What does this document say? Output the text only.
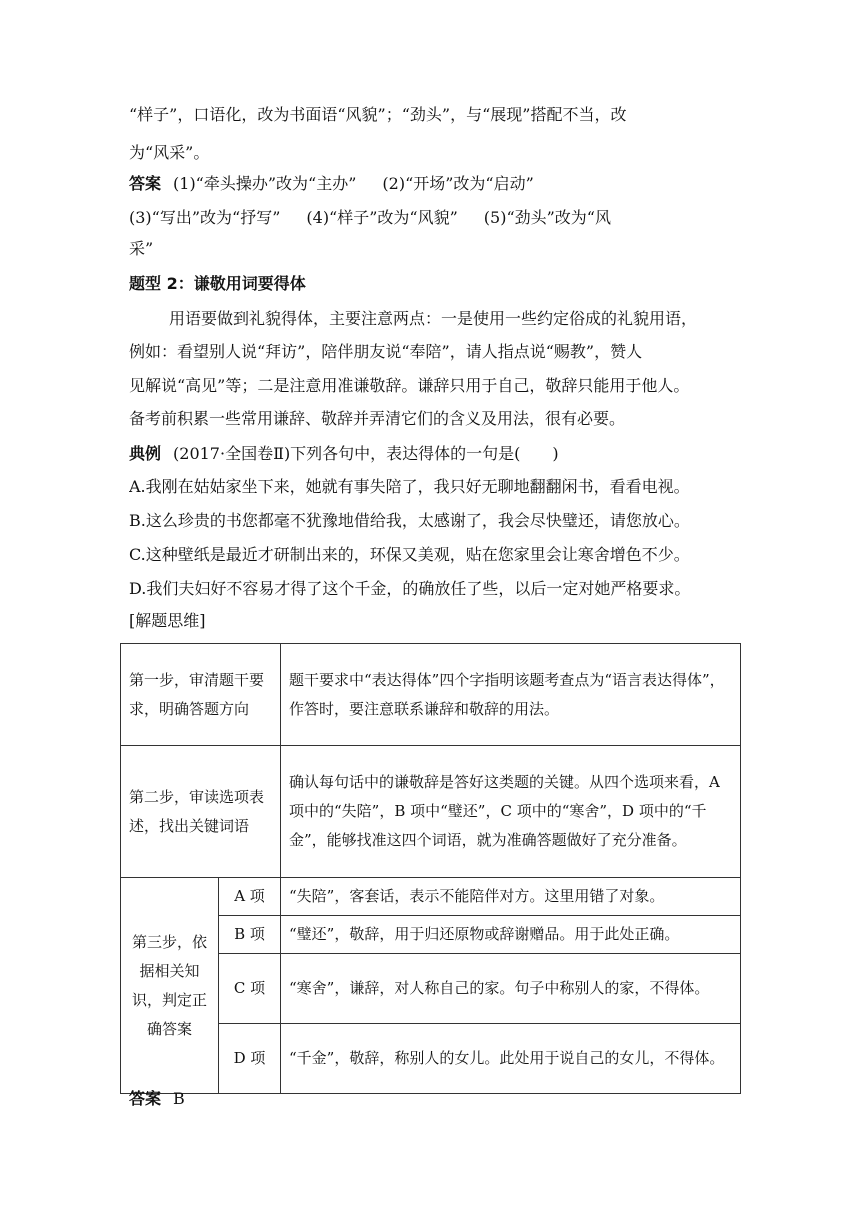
“样子”，口语化，改为书面语“风貌”；“劲头”，与“展现”搭配不当，改
为“风采”。
答案 (1)“牵头操办”改为“主办” (2)“开场”改为“启动”
(3)“写出”改为“抒写” (4)“样子”改为“风貌” (5)“劲头”改为“风
采”
题型 2：谦敬用词要得体
用语要做到礼貌得体，主要注意两点：一是使用一些约定俗成的礼貌用语，
例如：看望别人说“拜访”，陪伴朋友说“奉陪”，请人指点说“赐教”，赞人
见解说“高见”等；二是注意用准谦敬辞。谦辞只用于自己，敬辞只能用于他人。
备考前积累一些常用谦辞、敬辞并弄清它们的含义及用法，很有必要。
典例 (2017·全国卷Ⅱ)下列各句中，表达得体的一句是(　　)
A.我刚在姑姑家坐下来，她就有事失陪了，我只好无聊地翻翻闲书，看看电视。
B.这么珍贵的书您都毫不犹豫地借给我，太感谢了，我会尽快璧还，请您放心。
C.这种壁纸是最近才研制出来的，环保又美观，贴在您家里会让寒舍增色不少。
D.我们夫妇好不容易才得了这个千金，的确放任了些，以后一定对她严格要求。
[解题思维]
第一步，审清题干要求，明确答题方向		题干要求中“表达得体”四个字指明该题考查点为“语言表达得体”，作答时，要注意联系谦辞和敬辞的用法。
第二步，审读选项表述，找出关键词语		确认每句话中的谦敬辞是答好这类题的关键。从四个选项来看，A 项中的“失陪”，B 项中“璧还”，C 项中的“寒舍”，D 项中的“千金”，能够找准这四个词语，就为准确答题做好了充分准备。
第三步，依据相关知识，判定正确答案	A 项	“失陪”，客套话，表示不能陪伴对方。这里用错了对象。
	B 项	“璧还”，敬辞，用于归还原物或辞谢赠品。用于此处正确。
	C 项	“寒舍”，谦辞，对人称自己的家。句子中称别人的家，不得体。
	D 项	“千金”，敬辞，称别人的女儿。此处用于说自己的女儿，不得体。
答案 B
